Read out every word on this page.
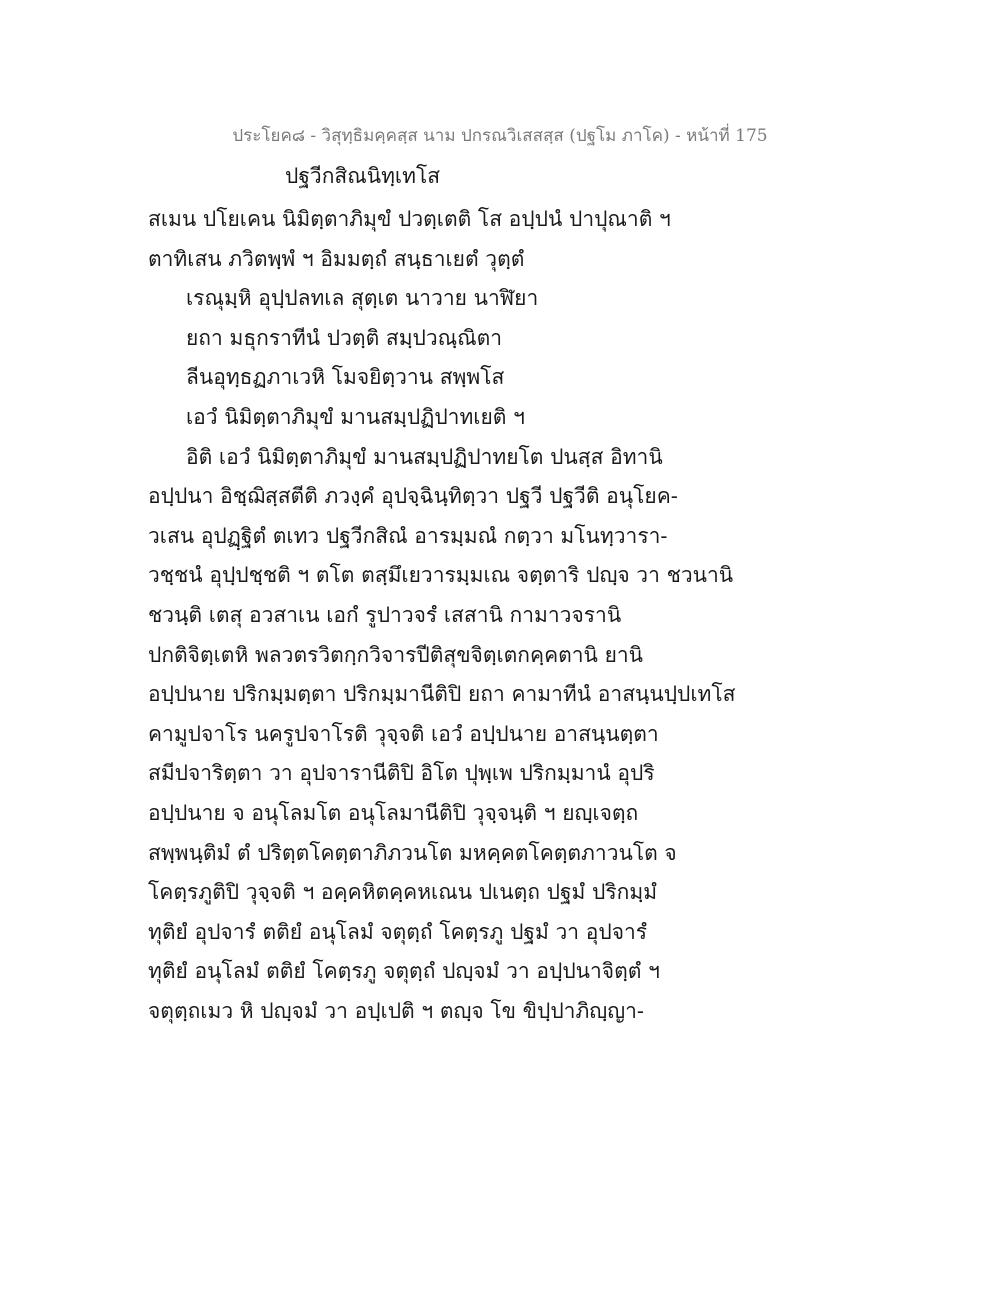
ประโยค๘ - วิสุทฺธิมคฺคสฺส นาม ปกรณวิเสสสฺส (ปฐโม ภาโค) - หน้าที่ 175
ปฐวีกสิณนิทฺเทโส
สเมน ปโยเคน นิมิตฺตาภิมุขํ ปวตฺเตติ โส อปฺปนํ ปาปุณาติ ฯ
ตาทิเสน ภวิตพฺพํ ฯ อิมมตฺถํ สนฺธาเยตํ วุตฺตํ
เรณุมฺหิ อุปฺปลทเล สุตฺเต นาวาย นาฬิยา
ยถา มธุกราทีนํ ปวตฺติ สมฺปวณฺณิตา
ลีนอุทฺธฏภาเวหิ โมจยิตฺวาน สพฺพโส
เอวํ นิมิตฺตาภิมุขํ มานสมฺปฏิปาทเยติ ฯ
อิติ เอวํ นิมิตฺตาภิมุขํ มานสมฺปฏิปาทยโต ปนสฺส อิทานิ
อปฺปนา อิชฺฌิสฺสตีติ ภวงฺคํ อุปจฺฉินฺทิตฺวา ปฐวี ปฐวีติ อนุโยค-
วเสน อุปฏฺฐิตํ ตเทว ปฐวีกสิณํ อารมฺมณํ กตฺวา มโนทฺวารา-
วชฺชนํ อุปฺปชฺชติ ฯ ตโต ตสฺมึเยวารมฺมเณ จตฺตาริ ปญฺจ วา ชวนานิ
ชวนฺติ เตสุ อวสาเน เอกํ รูปาวจรํ เสสานิ กามาวจรานิ
ปกติจิตฺเตหิ พลวตรวิตกฺกวิจารปีติสุขจิตฺเตกคฺคตานิ ยานิ
อปฺปนาย ปริกมฺมตฺตา ปริกมฺมานีติปิ ยถา คามาทีนํ อาสนฺนปฺปเทโส
คามูปจาโร นครูปจาโรติ วุจฺจติ เอวํ อปฺปนาย อาสนฺนตฺตา
สมีปจาริตฺตา วา อุปจารานีติปิ อิโต ปุพฺเพ ปริกมฺมานํ อุปริ
อปฺปนาย จ อนุโลมโต อนุโลมานีติปิ วุจฺจนฺติ ฯ ยญฺเจตฺถ
สพฺพนฺติมํ ตํ ปริตฺตโคตฺตาภิภวนโต มหคฺคตโคตฺตภาวนโต จ
โคตฺรภูติปิ วุจฺจติ ฯ อคฺคหิตคฺคหเณน ปเนตฺถ ปฐมํ ปริกมฺมํ
ทุติยํ อุปจารํ ตติยํ อนุโลมํ จตุตฺถํ โคตฺรภู ปฐมํ วา อุปจารํ
ทุติยํ อนุโลมํ ตติยํ โคตฺรภู จตุตฺถํ ปญฺจมํ วา อปฺปนาจิตฺตํ ฯ
จตุตฺถเมว หิ ปญฺจมํ วา อปฺเปติ ฯ ตญฺจ โข ขิปฺปาภิญฺญา-
